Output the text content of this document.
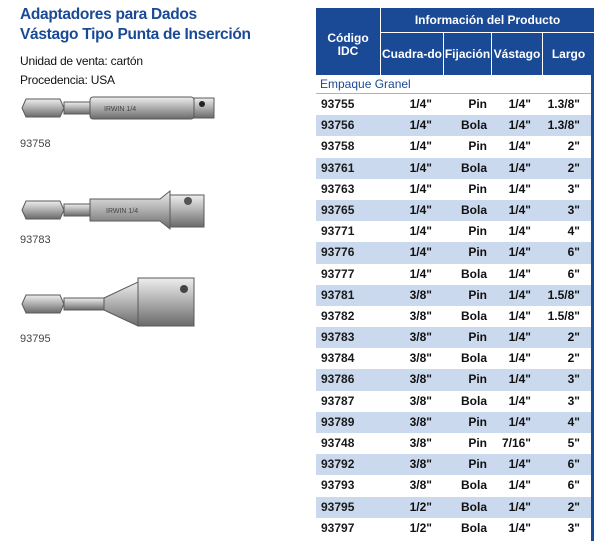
Adaptadores para Dados
Vástago Tipo Punta de Inserción
Unidad de venta: cartón
Procedencia: USA
IRWIN 1/4
93758
IRWIN 1/4
93783
93795
Código IDC
Información del Producto
Cuadra-do Fijación Vástago Largo
Empaque Granel
93755	1/4"	Pin	1/4"	1.3/8"
93756	1/4"	Bola	1/4"	1.3/8"
93758	1/4"	Pin	1/4"	2"
93761	1/4"	Bola	1/4"	2"
93763	1/4"	Pin	1/4"	3"
93765	1/4"	Bola	1/4"	3"
93771	1/4"	Pin	1/4"	4"
93776	1/4"	Pin	1/4"	6"
93777	1/4"	Bola	1/4"	6"
93781	3/8"	Pin	1/4"	1.5/8"
93782	3/8"	Bola	1/4"	1.5/8"
93783	3/8"	Pin	1/4"	2"
93784	3/8"	Bola	1/4"	2"
93786	3/8"	Pin	1/4"	3"
93787	3/8"	Bola	1/4"	3"
93789	3/8"	Pin	1/4"	4"
93748	3/8"	Pin	7/16"	5"
93792	3/8"	Pin	1/4"	6"
93793	3/8"	Bola	1/4"	6"
93795	1/2"	Bola	1/4"	2"
93797	1/2"	Bola	1/4"	3"
